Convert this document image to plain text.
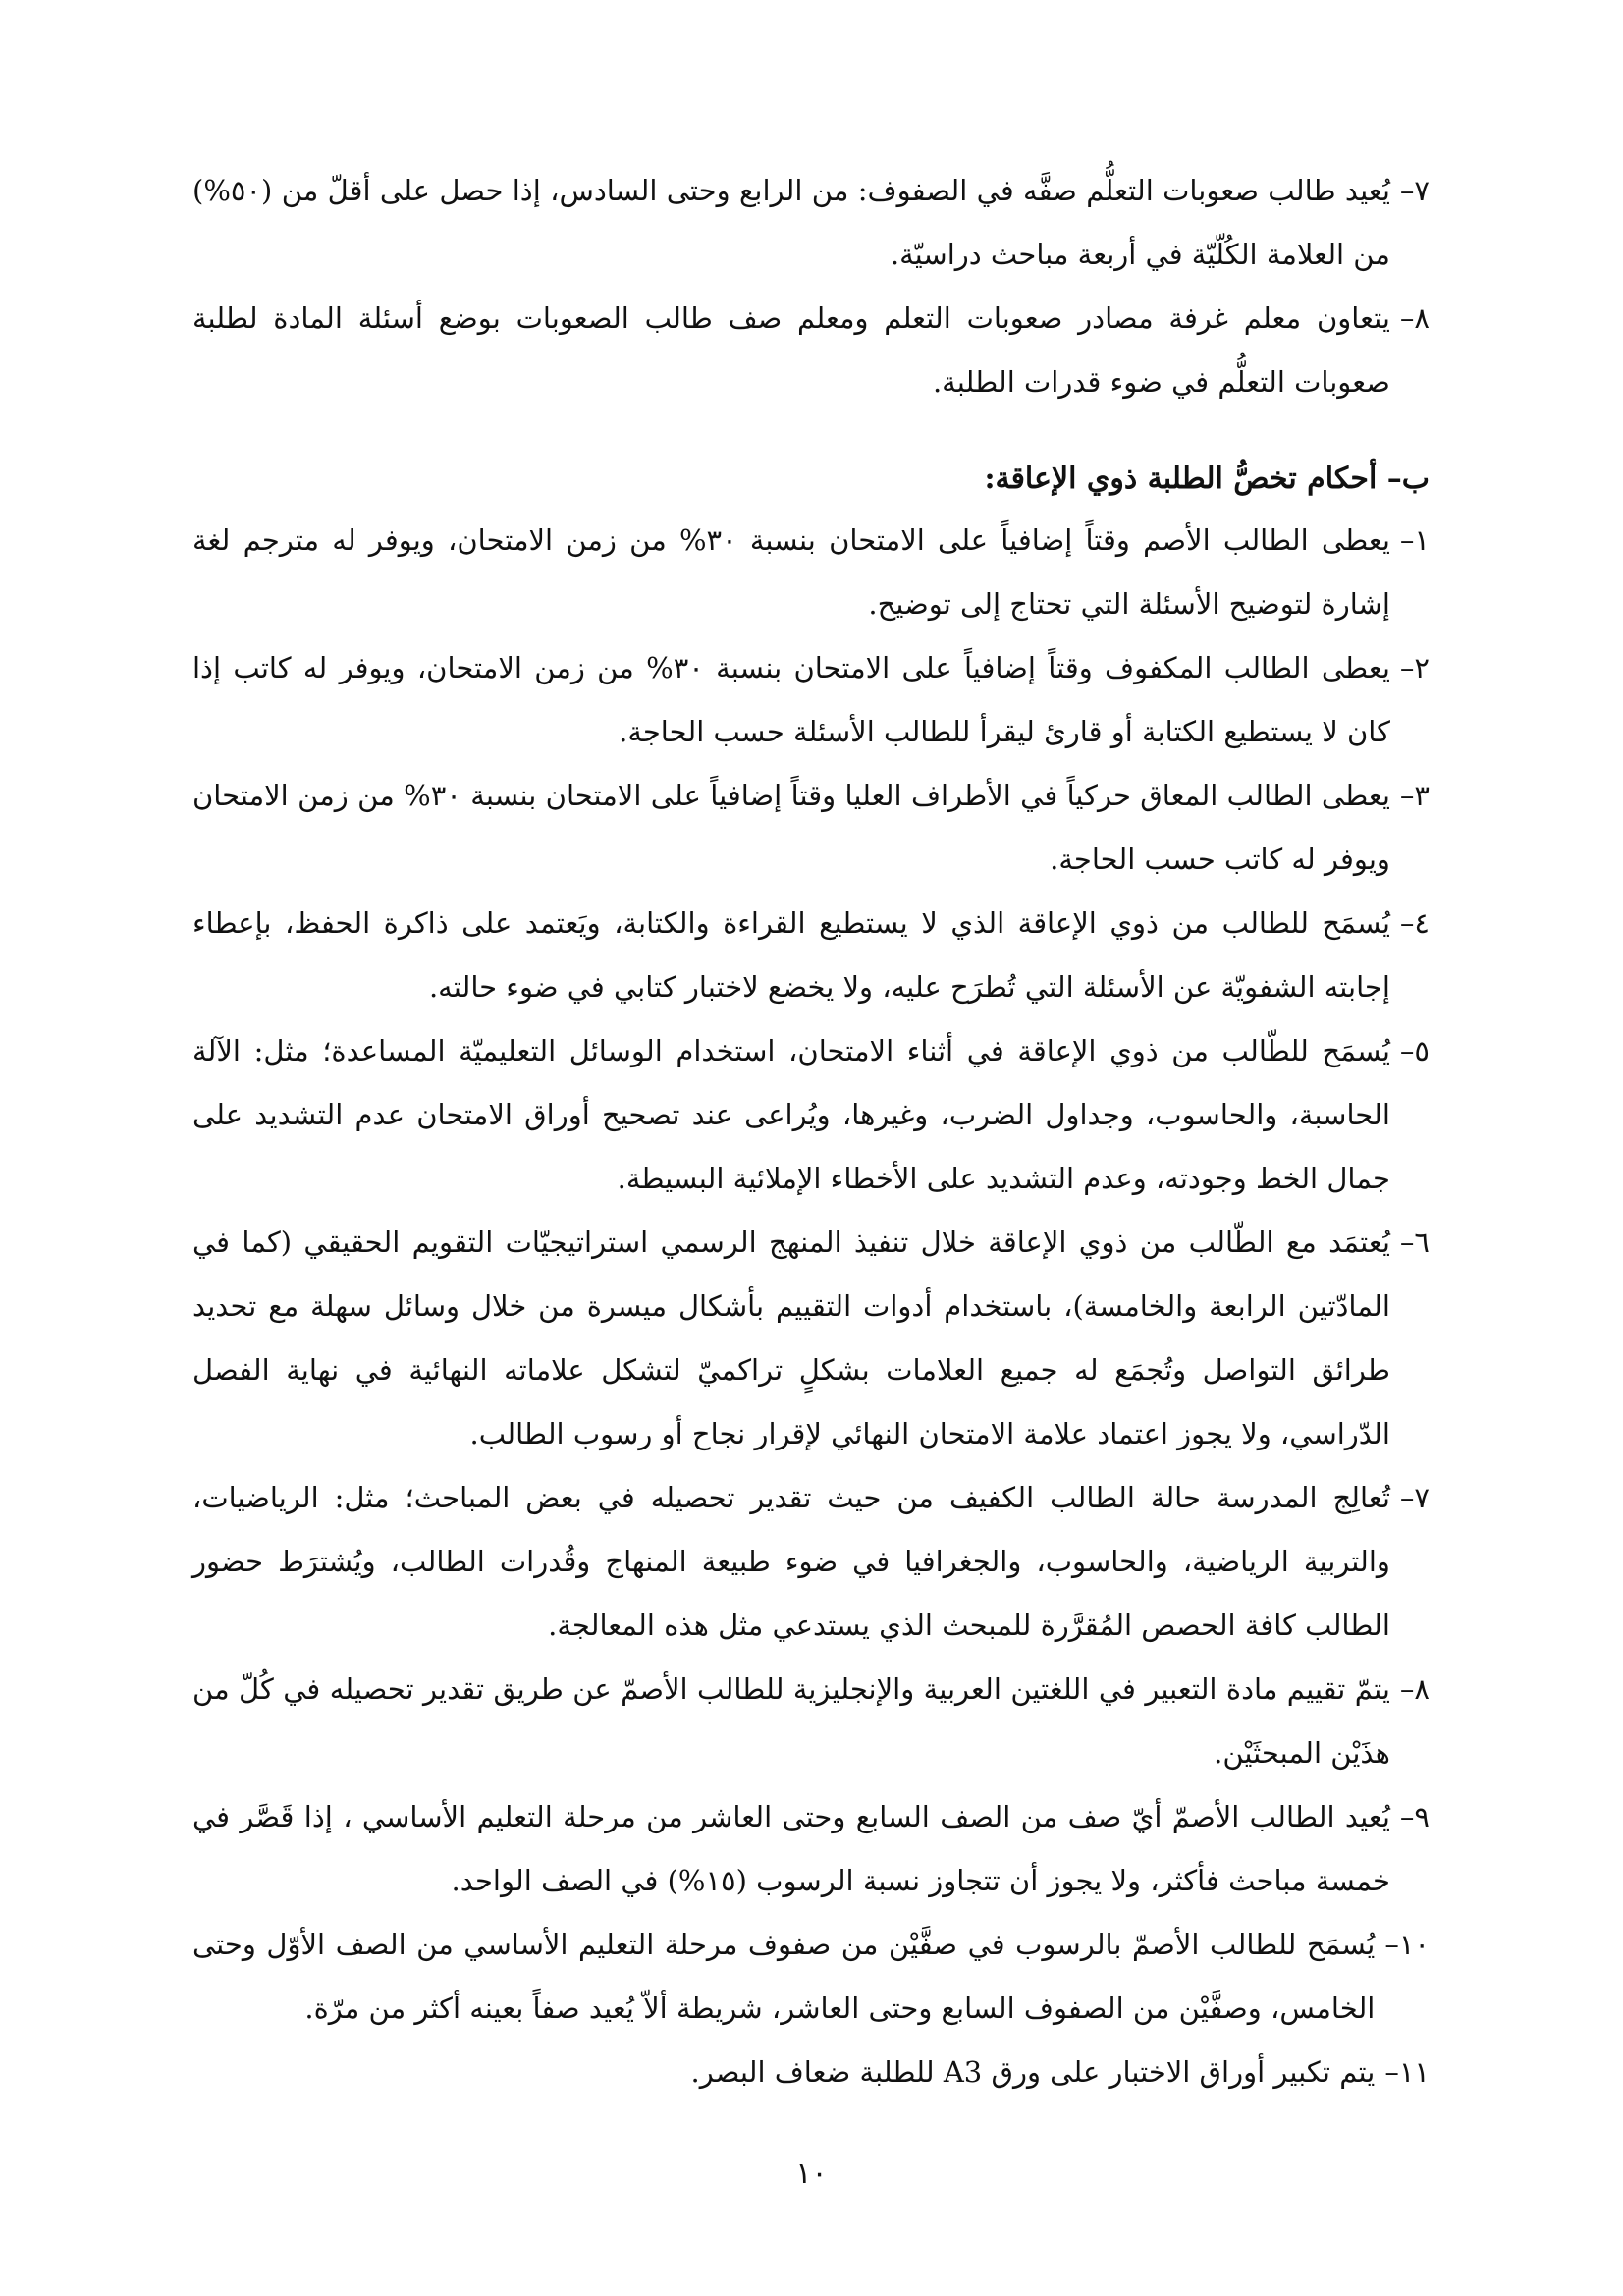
٧–
يُعيد طالب صعوبات التعلُّم صفَّه في الصفوف: من الرابع وحتى السادس، إذا حصل على أقلّ من (٥٠%) من العلامة الكُلّيّة في أربعة مباحث دراسيّة.
٨–
يتعاون معلم غرفة مصادر صعوبات التعلم ومعلم صف طالب الصعوبات بوضع أسئلة المادة لطلبة صعوبات التعلُّم في ضوء قدرات الطلبة.
ب– أحكام تخصُّ الطلبة ذوي الإعاقة:
١–
يعطى الطالب الأصم وقتاً إضافياً على الامتحان بنسبة ٣٠% من زمن الامتحان، ويوفر له مترجم لغة إشارة لتوضيح الأسئلة التي تحتاج إلى توضيح.
٢–
يعطى الطالب المكفوف وقتاً إضافياً على الامتحان بنسبة ٣٠% من زمن الامتحان، ويوفر له كاتب إذا كان لا يستطيع الكتابة أو قارئ ليقرأ للطالب الأسئلة حسب الحاجة.
٣–
يعطى الطالب المعاق حركياً في الأطراف العليا وقتاً إضافياً على الامتحان بنسبة ٣٠% من زمن الامتحان ويوفر له كاتب حسب الحاجة.
٤–
يُسمَح للطالب من ذوي الإعاقة الذي لا يستطيع القراءة والكتابة، ويَعتمد على ذاكرة الحفظ، بإعطاء إجابته الشفويّة عن الأسئلة التي تُطرَح عليه، ولا يخضع لاختبار كتابي في ضوء حالته.
٥–
يُسمَح للطّالب من ذوي الإعاقة في أثناء الامتحان، استخدام الوسائل التعليميّة المساعدة؛ مثل: الآلة الحاسبة، والحاسوب، وجداول الضرب، وغيرها، ويُراعى عند تصحيح أوراق الامتحان عدم التشديد على جمال الخط وجودته، وعدم التشديد على الأخطاء الإملائية البسيطة.
٦–
يُعتمَد مع الطّالب من ذوي الإعاقة خلال تنفيذ المنهج الرسمي استراتيجيّات التقويم الحقيقي (كما في المادّتين الرابعة والخامسة)، باستخدام أدوات التقييم بأشكال ميسرة من خلال وسائل سهلة مع تحديد طرائق التواصل وتُجمَع له جميع العلامات بشكلٍ تراكميّ لتشكل علاماته النهائية في نهاية الفصل الدّراسي، ولا يجوز اعتماد علامة الامتحان النهائي لإقرار نجاح أو رسوب الطالب.
٧–
تُعالِج المدرسة حالة الطالب الكفيف من حيث تقدير تحصيله في بعض المباحث؛ مثل: الرياضيات، والتربية الرياضية، والحاسوب، والجغرافيا في ضوء طبيعة المنهاج وقُدرات الطالب، ويُشترَط حضور الطالب كافة الحصص المُقرَّرة للمبحث الذي يستدعي مثل هذه المعالجة.
٨–
يتمّ تقييم مادة التعبير في اللغتين العربية والإنجليزية للطالب الأصمّ عن طريق تقدير تحصيله في كُلّ من هذَيْن المبحثَيْن.
٩–
يُعيد الطالب الأصمّ أيّ صف من الصف السابع وحتى العاشر من مرحلة التعليم الأساسي ، إذا قَصَّر في خمسة مباحث فأكثر، ولا يجوز أن تتجاوز نسبة الرسوب (١٥%) في الصف الواحد.
١٠–
يُسمَح للطالب الأصمّ بالرسوب في صفَّيْن من صفوف مرحلة التعليم الأساسي من الصف الأوّل وحتى الخامس، وصفَّيْن من الصفوف السابع وحتى العاشر، شريطة ألاّ يُعيد صفاً بعينه أكثر من مرّة.
١١–
يتم تكبير أوراق الاختبار على ورق A3 للطلبة ضعاف البصر.
١٠
